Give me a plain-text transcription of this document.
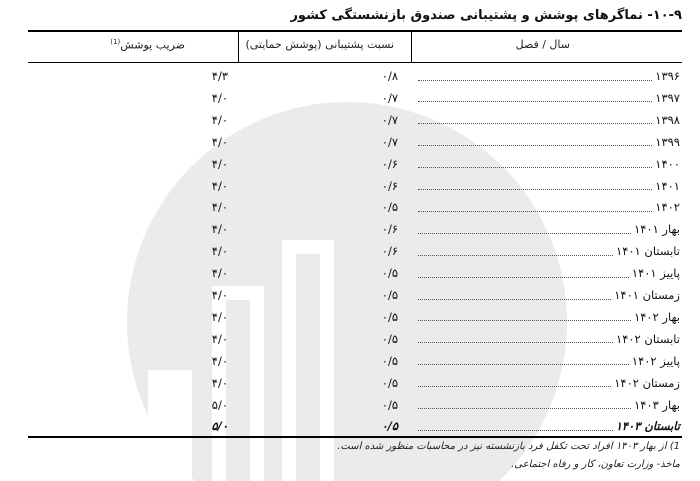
۱۰-۹- نماگرهای پوشش و پشتیبانی صندوق بازنشستگی کشور
سال / فصل
نسبت پشتیبانی (پوشش حمایتی)
ضریب پوشش$^{(1)}$
۱۳۹۶
۰/۸
۴/۳
۱۳۹۷
۰/۷
۴/۰
۱۳۹۸
۰/۷
۴/۰
۱۳۹۹
۰/۷
۴/۰
۱۴۰۰
۰/۶
۴/۰
۱۴۰۱
۰/۶
۴/۰
۱۴۰۲
۰/۵
۴/۰
بهار ۱۴۰۱
۰/۶
۴/۰
تابستان ۱۴۰۱
۰/۶
۴/۰
پاییز ۱۴۰۱
۰/۵
۴/۰
زمستان ۱۴۰۱
۰/۵
۴/۰
بهار ۱۴۰۲
۰/۵
۴/۰
تابستان ۱۴۰۲
۰/۵
۴/۰
پاییز ۱۴۰۲
۰/۵
۴/۰
زمستان ۱۴۰۲
۰/۵
۴/۰
بهار ۱۴۰۳
۰/۵
۵/۰
تابستان ۱۴۰۳
۰/۵
۵/۰
1) از بهار ۱۴۰۳ افراد تحت تکفل فرد بازنشسته نیز در محاسبات منظور شده است.
ماخذ- وزارت تعاون، کار و رفاه اجتماعی.
